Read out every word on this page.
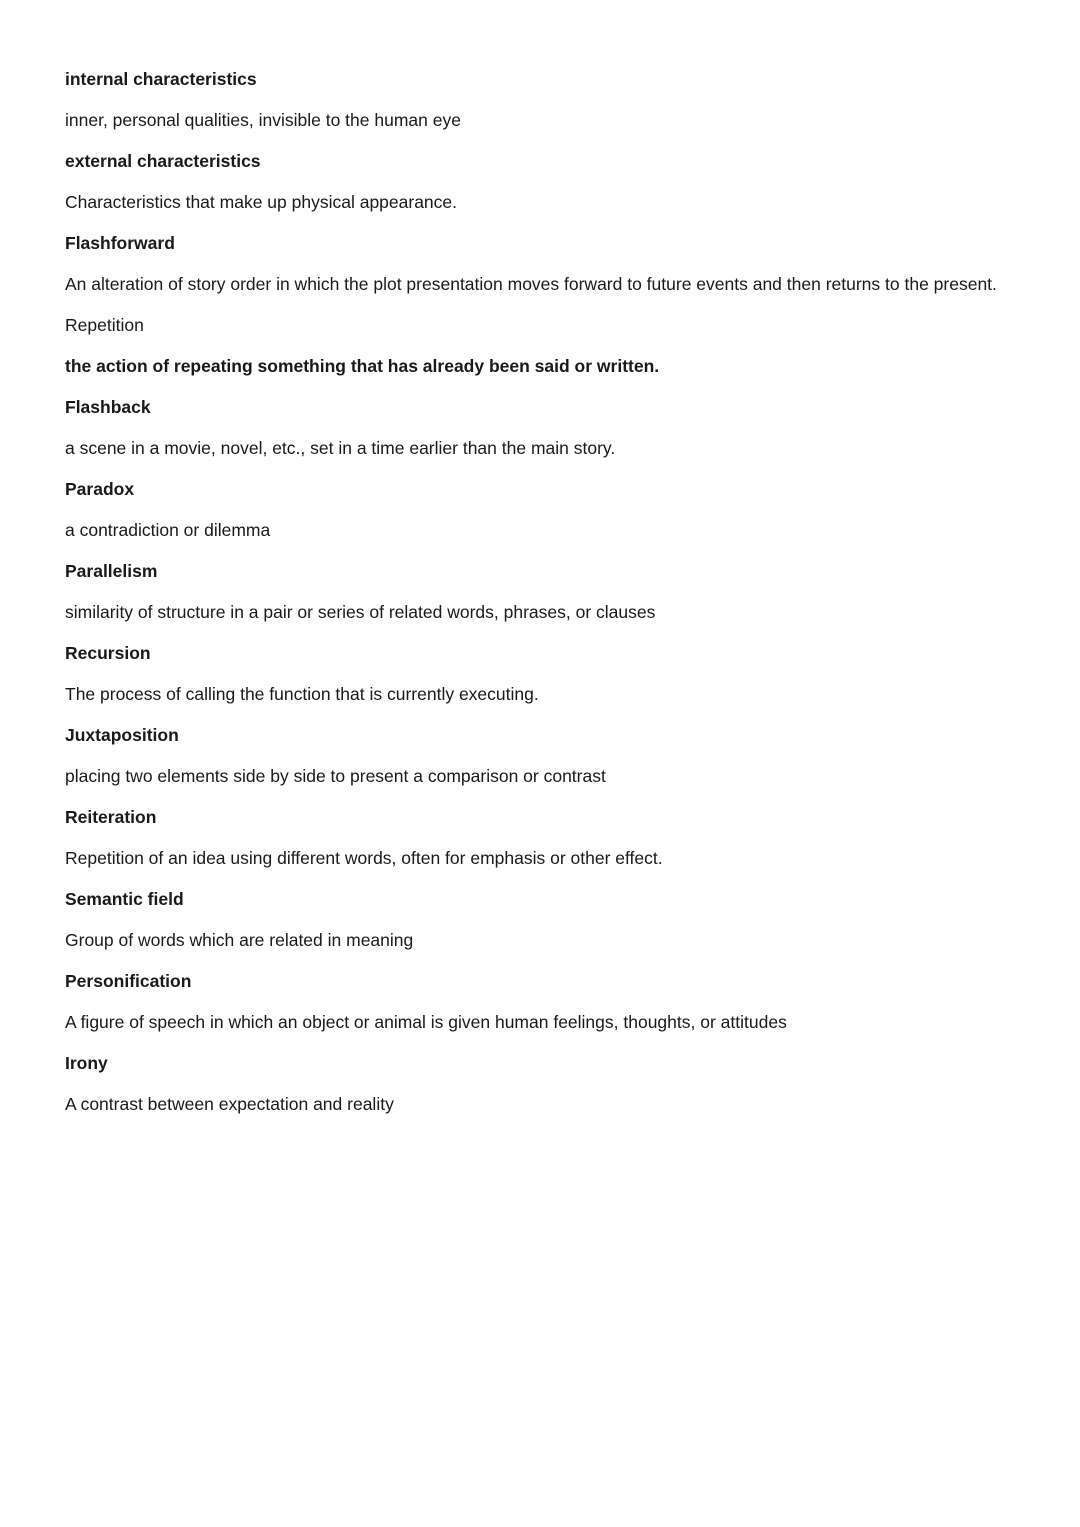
internal characteristics

inner, personal qualities, invisible to the human eye

external characteristics

Characteristics that make up physical appearance.

Flashforward

An alteration of story order in which the plot presentation moves forward to future events and then returns to the present.

Repetition

the action of repeating something that has already been said or written.

Flashback

a scene in a movie, novel, etc., set in a time earlier than the main story.

Paradox

a contradiction or dilemma

Parallelism

similarity of structure in a pair or series of related words, phrases, or clauses

Recursion

The process of calling the function that is currently executing.

Juxtaposition

placing two elements side by side to present a comparison or contrast

Reiteration

Repetition of an idea using different words, often for emphasis or other effect.

Semantic field

Group of words which are related in meaning

Personification

A figure of speech in which an object or animal is given human feelings, thoughts, or attitudes

Irony

A contrast between expectation and reality
